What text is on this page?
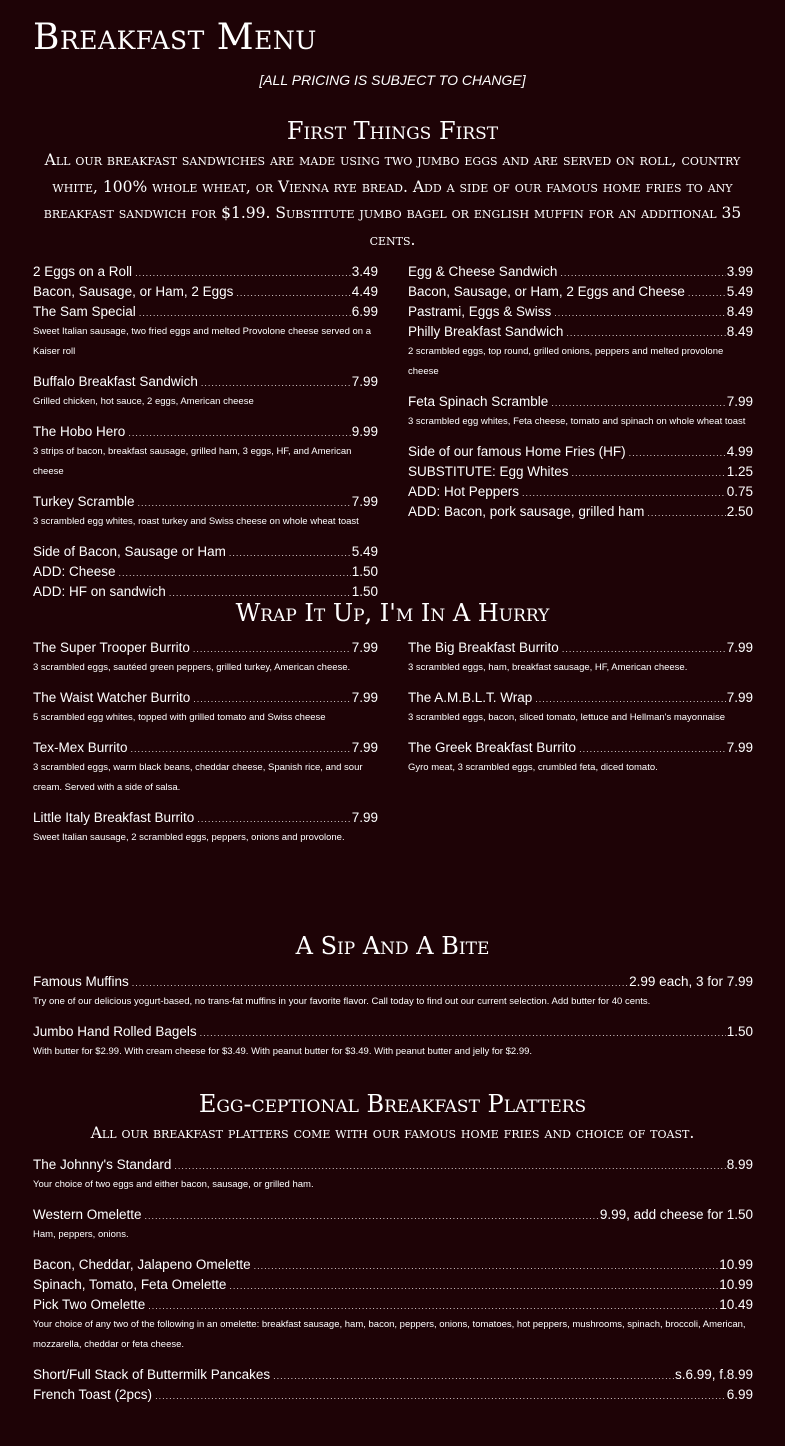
Breakfast Menu
[ALL PRICING IS SUBJECT TO CHANGE]
First Things First
All our breakfast sandwiches are made using two jumbo eggs and are served on roll, country white, 100% whole wheat, or Vienna rye bread. Add a side of our famous home fries to any breakfast sandwich for $1.99. Substitute jumbo bagel or english muffin for an additional 35 cents.
2 Eggs on a Roll .....	3.49
Bacon, Sausage, or Ham, 2 Eggs .....	4.49
The Sam Special .....	6.99
Sweet Italian sausage, two fried eggs and melted Provolone cheese served on a Kaiser roll
Buffalo Breakfast Sandwich .....	7.99
Grilled chicken, hot sauce, 2 eggs, American cheese
The Hobo Hero .....	9.99
3 strips of bacon, breakfast sausage, grilled ham, 3 eggs, HF, and American cheese
Turkey Scramble .....	7.99
3 scrambled egg whites, roast turkey and Swiss cheese on whole wheat toast
Side of Bacon, Sausage or Ham .....	5.49
ADD: Cheese .....	1.50
ADD: HF on sandwich .....	1.50
Egg & Cheese Sandwich .....	3.99
Bacon, Sausage, or Ham, 2 Eggs and Cheese .....	5.49
Pastrami, Eggs & Swiss .....	8.49
Philly Breakfast Sandwich .....	8.49
2 scrambled eggs, top round, grilled onions, peppers and melted provolone cheese
Feta Spinach Scramble .....	7.99
3 scrambled egg whites, Feta cheese, tomato and spinach on whole wheat toast
Side of our famous Home Fries (HF) .....	4.99
SUBSTITUTE: Egg Whites .....	1.25
ADD: Hot Peppers .....	0.75
ADD: Bacon, pork sausage, grilled ham .....	2.50
Wrap It Up, I'm In A Hurry
The Super Trooper Burrito .....	7.99
3 scrambled eggs, sautéed green peppers, grilled turkey, American cheese.
The Waist Watcher Burrito .....	7.99
5 scrambled egg whites, topped with grilled tomato and Swiss cheese
Tex-Mex Burrito .....	7.99
3 scrambled eggs, warm black beans, cheddar cheese, Spanish rice, and sour cream. Served with a side of salsa.
Little Italy Breakfast Burrito .....	7.99
Sweet Italian sausage, 2 scrambled eggs, peppers, onions and provolone.
The Big Breakfast Burrito .....	7.99
3 scrambled eggs, ham, breakfast sausage, HF, American cheese.
The A.M.B.L.T. Wrap .....	7.99
3 scrambled eggs, bacon, sliced tomato, lettuce and Hellman's mayonnaise
The Greek Breakfast Burrito .....	7.99
Gyro meat, 3 scrambled eggs, crumbled feta, diced tomato.
A Sip And A Bite
Famous Muffins .....	2.99 each, 3 for 7.99
Try one of our delicious yogurt-based, no trans-fat muffins in your favorite flavor. Call today to find out our current selection. Add butter for 40 cents.
Jumbo Hand Rolled Bagels .....	1.50
With butter for $2.99. With cream cheese for $3.49. With peanut butter for $3.49. With peanut butter and jelly for $2.99.
Egg-ceptional Breakfast Platters
All our breakfast platters come with our famous home fries and choice of toast.
The Johnny's Standard .....	8.99
Your choice of two eggs and either bacon, sausage, or grilled ham.
Western Omelette .....	9.99, add cheese for 1.50
Ham, peppers, onions.
Bacon, Cheddar, Jalapeno Omelette .....	10.99
Spinach, Tomato, Feta Omelette .....	10.99
Pick Two Omelette .....	10.49
Your choice of any two of the following in an omelette: breakfast sausage, ham, bacon, peppers, onions, tomatoes, hot peppers, mushrooms, spinach, broccoli, American, mozzarella, cheddar or feta cheese.
Short/Full Stack of Buttermilk Pancakes .....	s.6.99, f.8.99
French Toast (2pcs) .....	6.99
